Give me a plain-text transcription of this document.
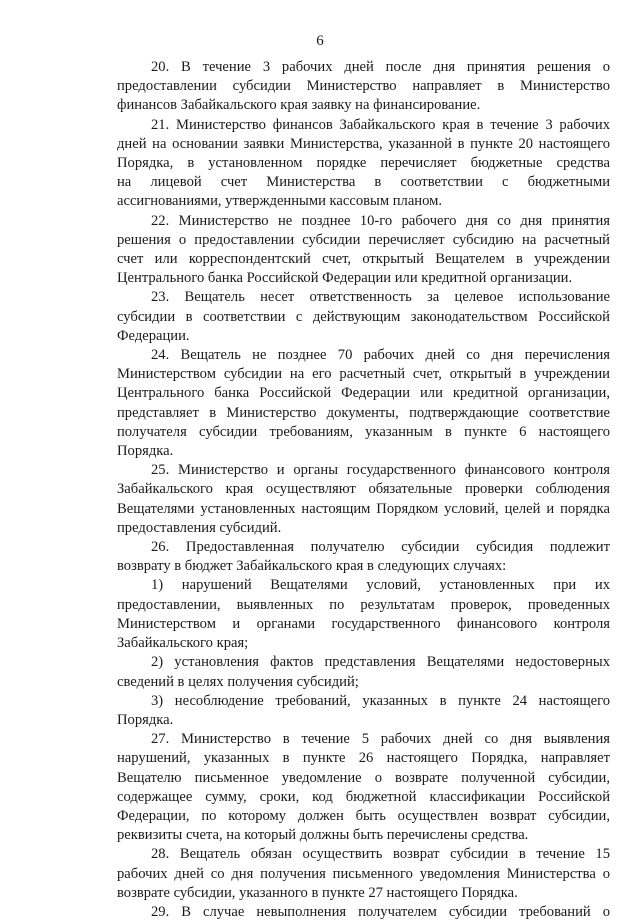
6
20. В течение 3 рабочих дней после дня принятия решения о
предоставлении субсидии Министерство направляет в Министерство
финансов Забайкальского края заявку на финансирование.
21. Министерство финансов Забайкальского края в течение 3 рабочих
дней на основании заявки Министерства, указанной в пункте 20 настоящего
Порядка, в установленном порядке перечисляет бюджетные средства
на лицевой счет Министерства в соответствии с бюджетными
ассигнованиями, утвержденными кассовым планом.
22. Министерство не позднее 10-го рабочего дня со дня принятия
решения о предоставлении субсидии перечисляет субсидию на расчетный
счет или корреспондентский счет, открытый Вещателем в учреждении
Центрального банка Российской Федерации или кредитной организации.
23. Вещатель несет ответственность за целевое использование
субсидии в соответствии с действующим законодательством Российской
Федерации.
24. Вещатель не позднее 70 рабочих дней со дня перечисления
Министерством субсидии на его расчетный счет, открытый в учреждении
Центрального банка Российской Федерации или кредитной организации,
представляет в Министерство документы, подтверждающие соответствие
получателя субсидии требованиям, указанным в пункте 6 настоящего
Порядка.
25. Министерство и органы государственного финансового контроля
Забайкальского края осуществляют обязательные проверки соблюдения
Вещателями установленных настоящим Порядком условий, целей и порядка
предоставления субсидий.
26. Предоставленная получателю субсидии субсидия подлежит
возврату в бюджет Забайкальского края в следующих случаях:
1) нарушений Вещателями условий, установленных при их
предоставлении, выявленных по результатам проверок, проведенных
Министерством и органами государственного финансового контроля
Забайкальского края;
2) установления фактов представления Вещателями недостоверных
сведений в целях получения субсидий;
3) несоблюдение требований, указанных в пункте 24 настоящего
Порядка.
27. Министерство в течение 5 рабочих дней со дня выявления
нарушений, указанных в пункте 26 настоящего Порядка, направляет
Вещателю письменное уведомление о возврате полученной субсидии,
содержащее сумму, сроки, код бюджетной классификации Российской
Федерации, по которому должен быть осуществлен возврат субсидии,
реквизиты счета, на который должны быть перечислены средства.
28. Вещатель обязан осуществить возврат субсидии в течение 15
рабочих дней со дня получения письменного уведомления Министерства о
возврате субсидии, указанного в пункте 27 настоящего Порядка.
29. В случае невыполнения получателем субсидии требований о
